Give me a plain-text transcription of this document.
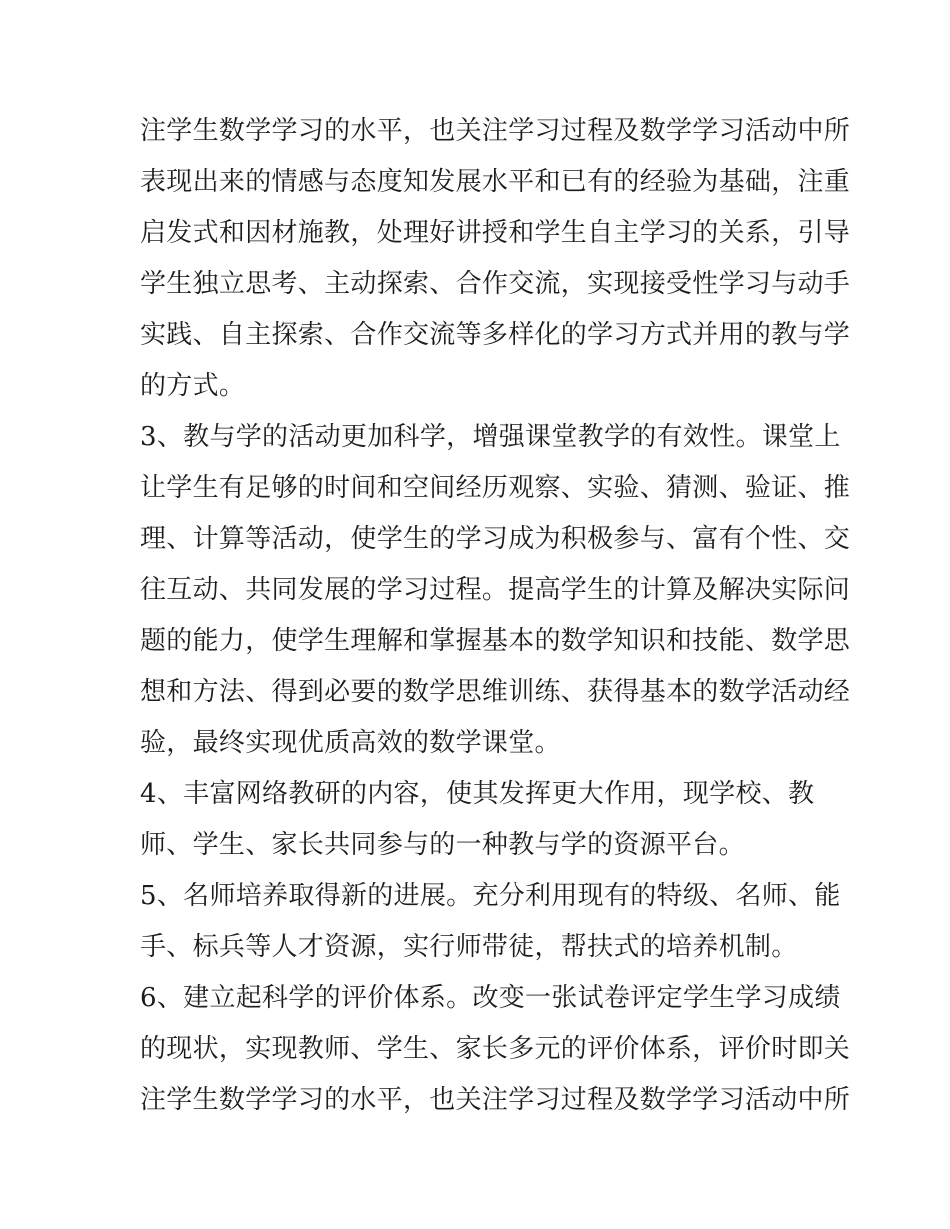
注学生数学学习的水平，也关注学习过程及数学学习活动中所
表现出来的情感与态度知发展水平和已有的经验为基础，注重
启发式和因材施教，处理好讲授和学生自主学习的关系，引导
学生独立思考、主动探索、合作交流，实现接受性学习与动手
实践、自主探索、合作交流等多样化的学习方式并用的教与学
的方式。
3、教与学的活动更加科学，增强课堂教学的有效性。课堂上
让学生有足够的时间和空间经历观察、实验、猜测、验证、推
理、计算等活动，使学生的学习成为积极参与、富有个性、交
往互动、共同发展的学习过程。提高学生的计算及解决实际问
题的能力，使学生理解和掌握基本的数学知识和技能、数学思
想和方法、得到必要的数学思维训练、获得基本的数学活动经
验，最终实现优质高效的数学课堂。
4、丰富网络教研的内容，使其发挥更大作用，现学校、教
师、学生、家长共同参与的一种教与学的资源平台。
5、名师培养取得新的进展。充分利用现有的特级、名师、能
手、标兵等人才资源，实行师带徒，帮扶式的培养机制。
6、建立起科学的评价体系。改变一张试卷评定学生学习成绩
的现状，实现教师、学生、家长多元的评价体系，评价时即关
注学生数学学习的水平，也关注学习过程及数学学习活动中所
